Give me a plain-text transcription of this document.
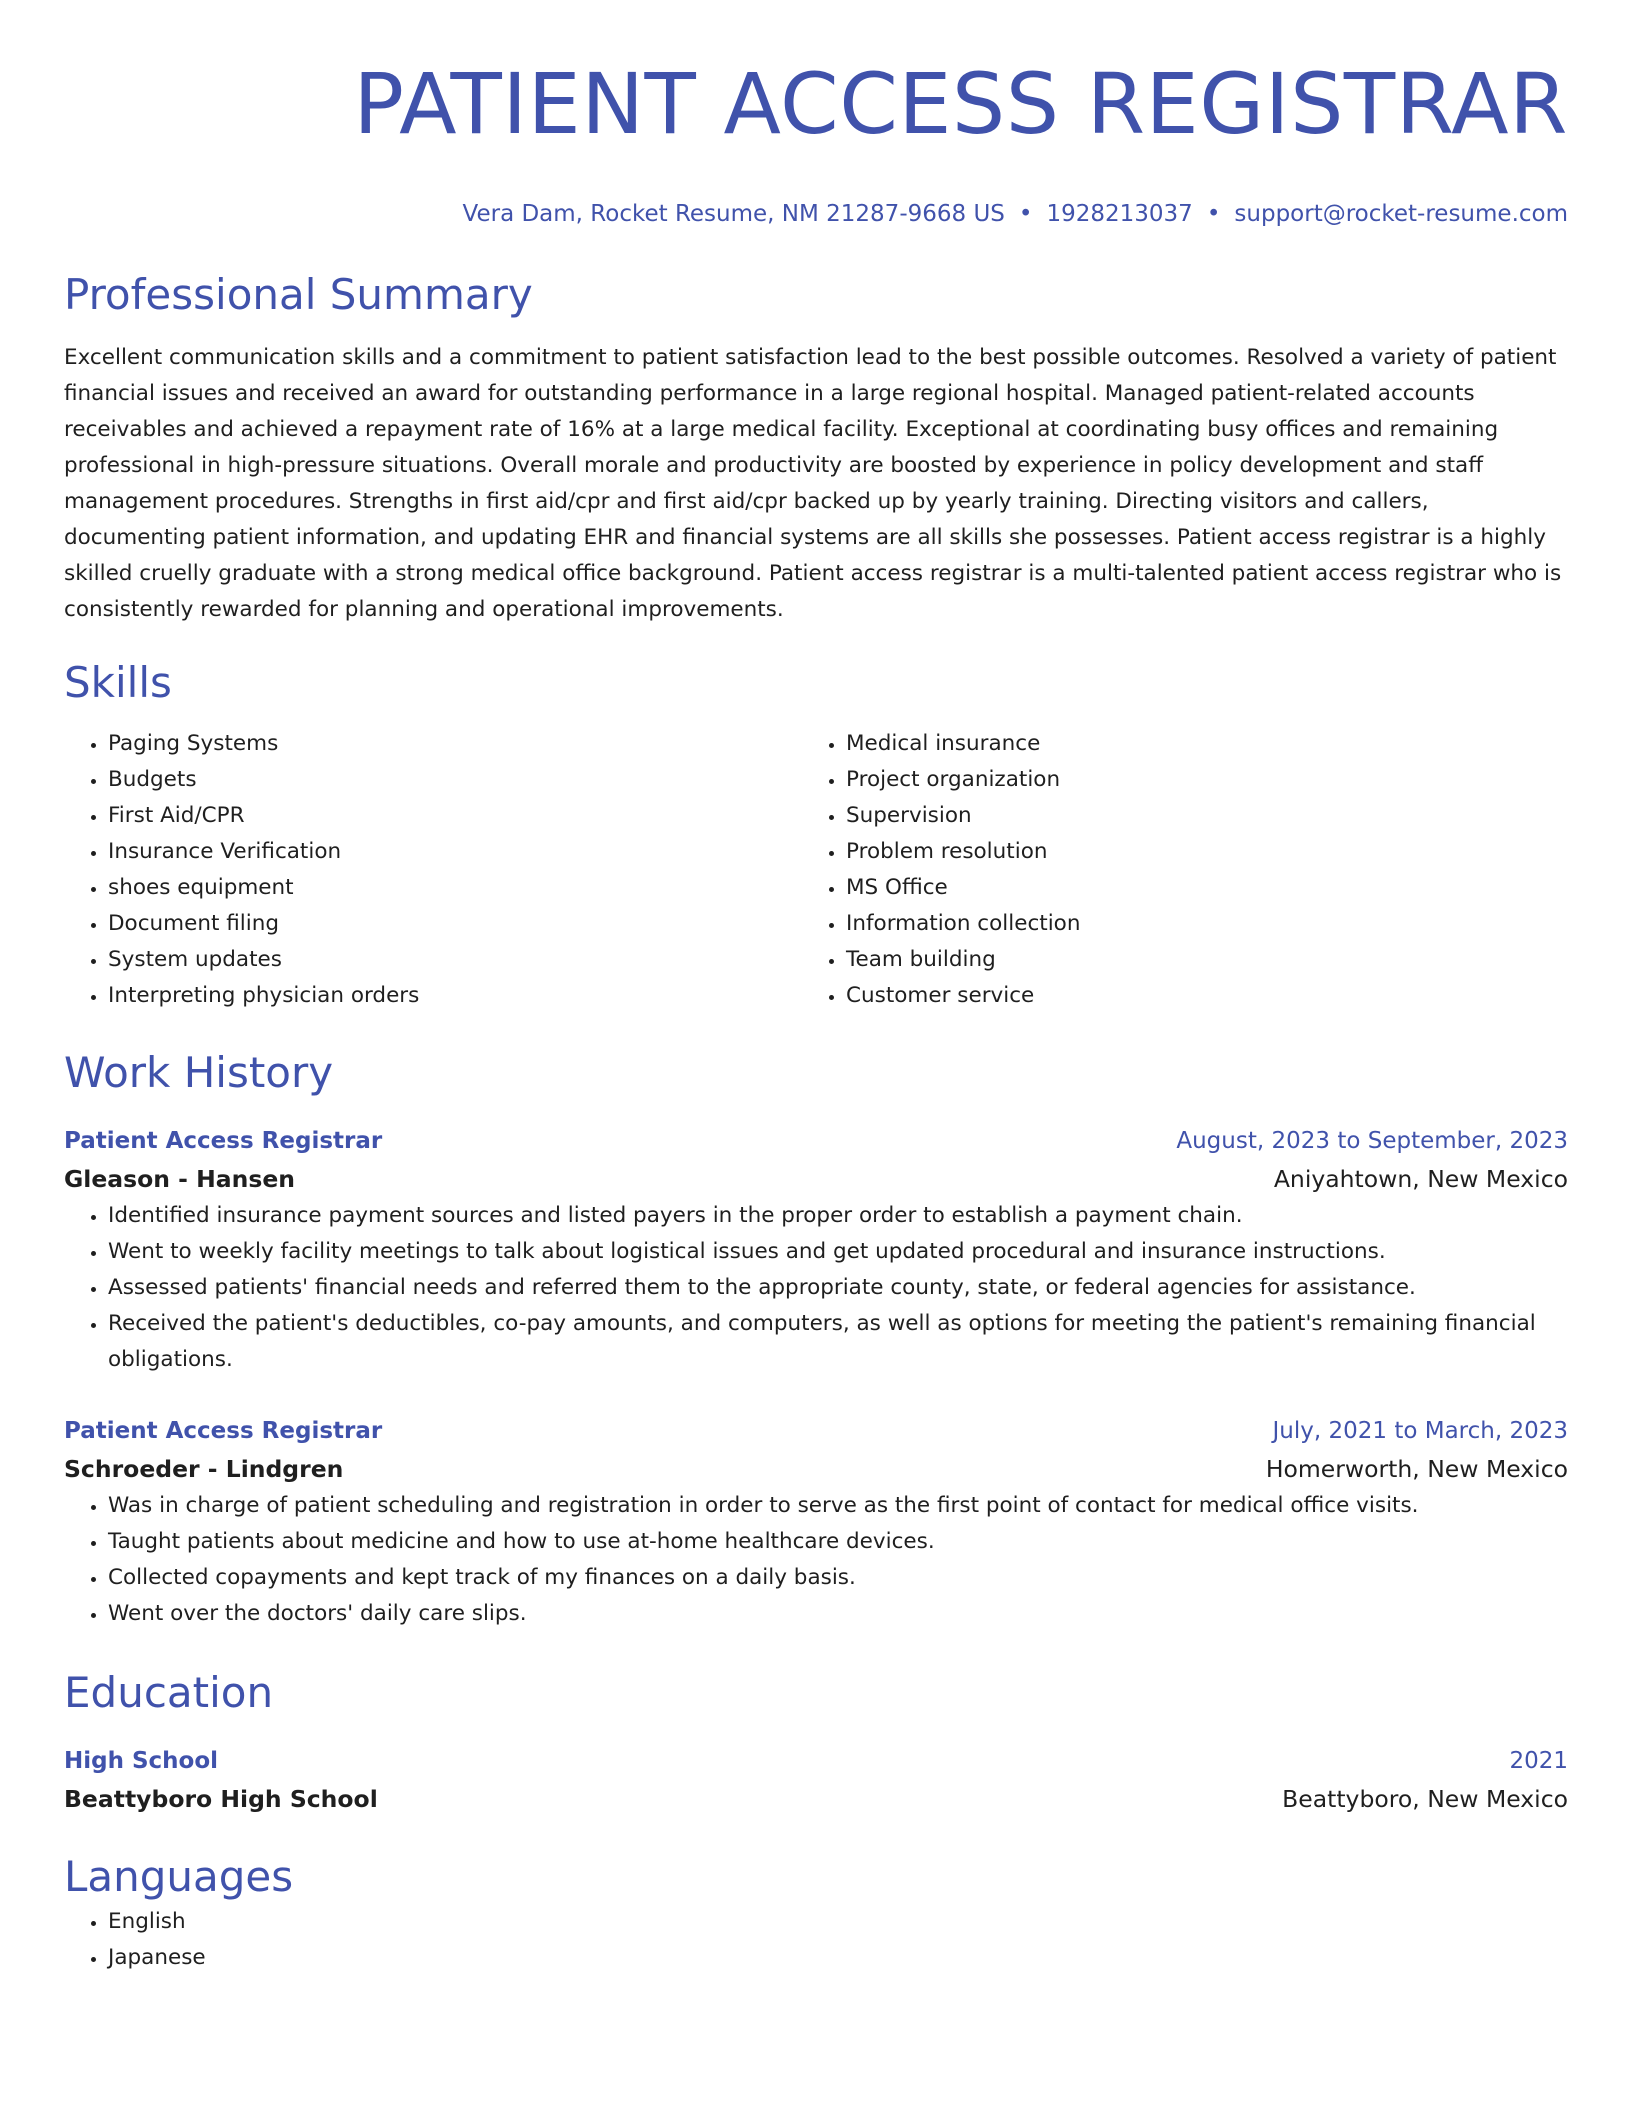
PATIENT ACCESS REGISTRAR
Vera Dam, Rocket Resume, NM 21287-9668 US • 1928213037 • support@rocket-resume.com
Professional Summary
Excellent communication skills and a commitment to patient satisfaction lead to the best possible outcomes. Resolved a variety of patient financial issues and received an award for outstanding performance in a large regional hospital. Managed patient-related accounts receivables and achieved a repayment rate of 16% at a large medical facility. Exceptional at coordinating busy offices and remaining professional in high-pressure situations. Overall morale and productivity are boosted by experience in policy development and staff management procedures. Strengths in first aid/cpr and first aid/cpr backed up by yearly training. Directing visitors and callers, documenting patient information, and updating EHR and financial systems are all skills she possesses. Patient access registrar is a highly skilled cruelly graduate with a strong medical office background. Patient access registrar is a multi-talented patient access registrar who is consistently rewarded for planning and operational improvements.
Skills
• Paging Systems
• Budgets
• First Aid/CPR
• Insurance Verification
• shoes equipment
• Document filing
• System updates
• Interpreting physician orders
• Medical insurance
• Project organization
• Supervision
• Problem resolution
• MS Office
• Information collection
• Team building
• Customer service
Work History
Patient Access Registrar	August, 2023 to September, 2023
Gleason - Hansen	Aniyahtown, New Mexico
• Identified insurance payment sources and listed payers in the proper order to establish a payment chain.
• Went to weekly facility meetings to talk about logistical issues and get updated procedural and insurance instructions.
• Assessed patients' financial needs and referred them to the appropriate county, state, or federal agencies for assistance.
• Received the patient's deductibles, co-pay amounts, and computers, as well as options for meeting the patient's remaining financial obligations.
Patient Access Registrar	July, 2021 to March, 2023
Schroeder - Lindgren	Homerworth, New Mexico
• Was in charge of patient scheduling and registration in order to serve as the first point of contact for medical office visits.
• Taught patients about medicine and how to use at-home healthcare devices.
• Collected copayments and kept track of my finances on a daily basis.
• Went over the doctors' daily care slips.
Education
High School	2021
Beattyboro High School	Beattyboro, New Mexico
Languages
• English
• Japanese
